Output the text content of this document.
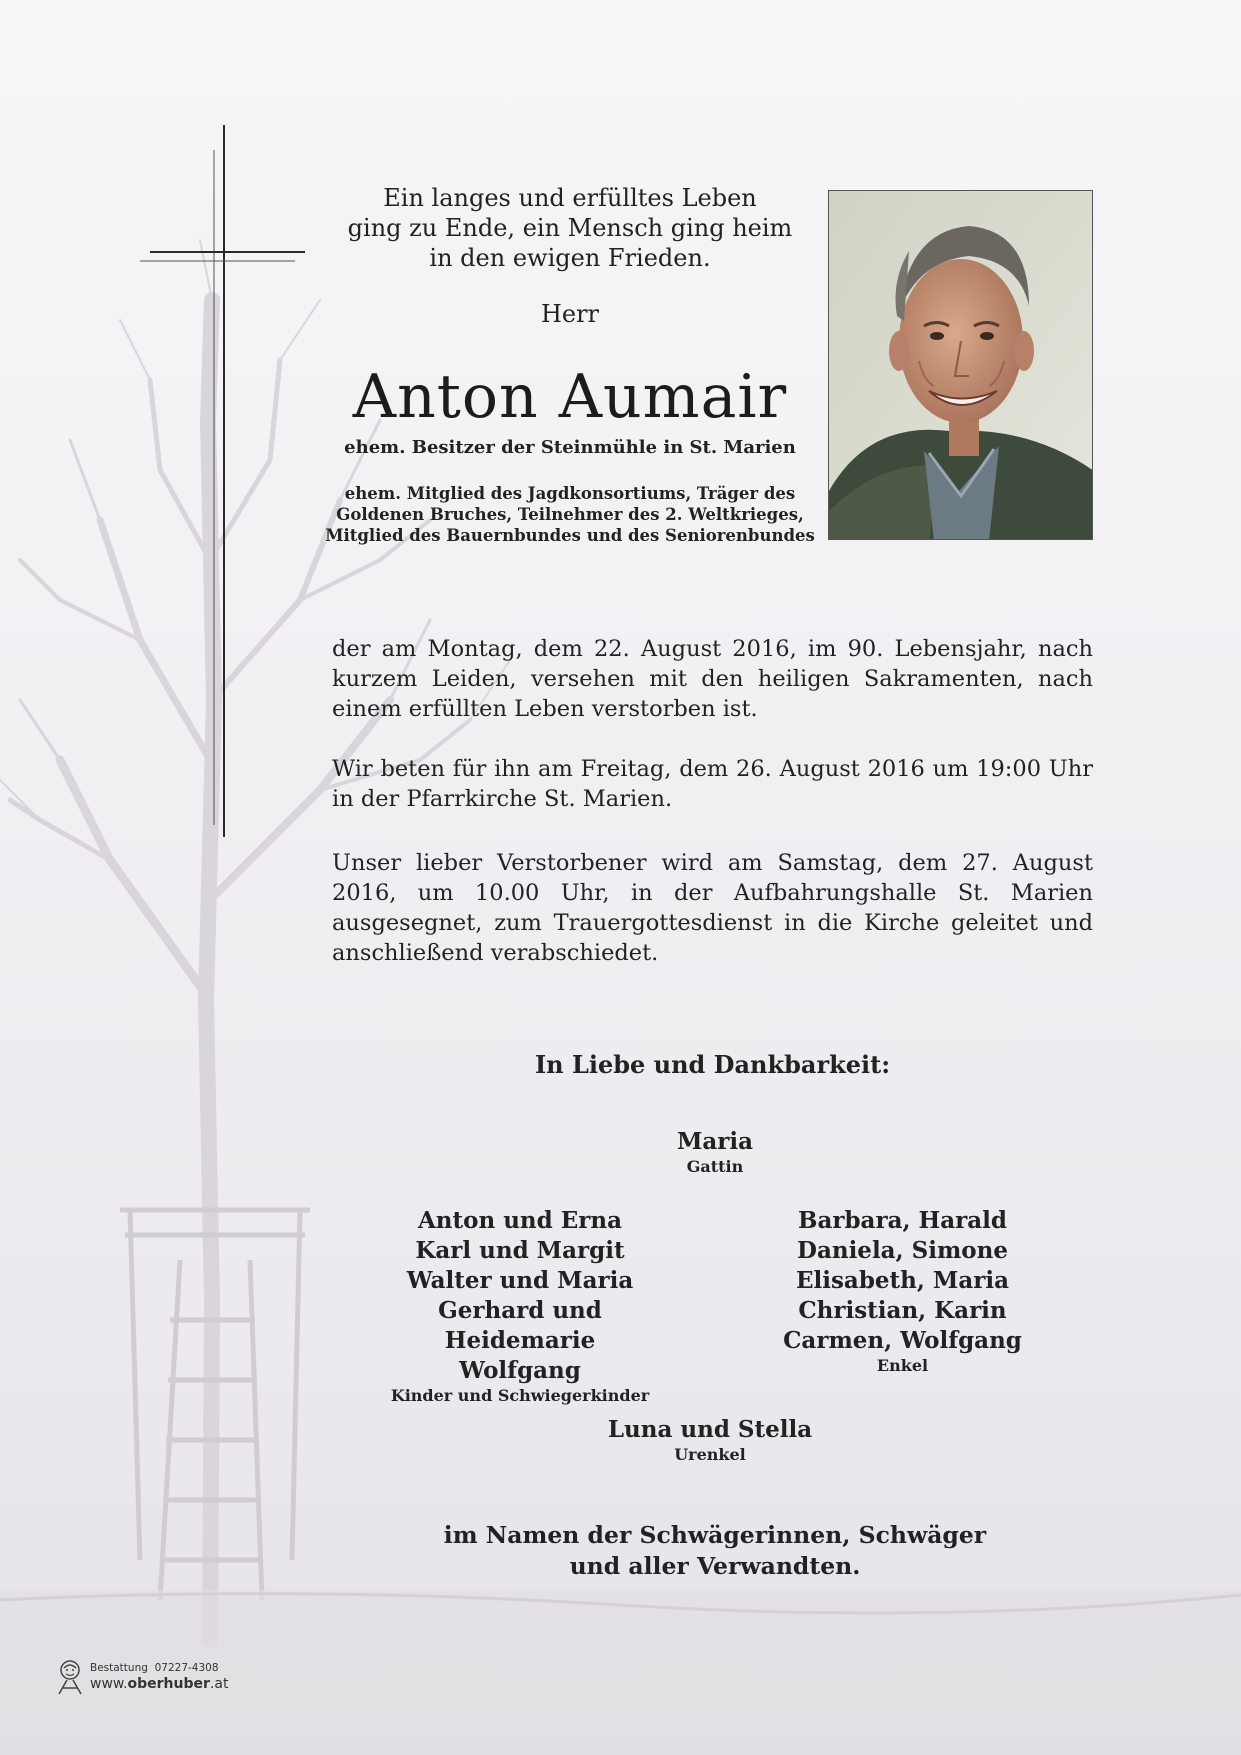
Ein langes und erfülltes Leben
ging zu Ende, ein Mensch ging heim
in den ewigen Frieden.
Herr
Anton Aumair
ehem. Besitzer der Steinmühle in St. Marien
ehem. Mitglied des Jagdkonsortiums, Träger des
Goldenen Bruches, Teilnehmer des 2. Weltkrieges,
Mitglied des Bauernbundes und des Seniorenbundes
der am Montag, dem 22. August 2016, im 90. Lebensjahr, nach kurzem Leiden, versehen mit den heiligen Sakramenten, nach einem erfüllten Leben verstorben ist.
Wir beten für ihn am Freitag, dem 26. August 2016 um 19:00 Uhr in der Pfarrkirche St. Marien.
Unser lieber Verstorbener wird am Samstag, dem 27. August 2016, um 10.00 Uhr, in der Aufbahrungshalle St. Marien ausgesegnet, zum Trauergottesdienst in die Kirche geleitet und anschließend verabschiedet.
In Liebe und Dankbarkeit:
Maria
Gattin
Anton und Erna
Karl und Margit
Walter und Maria
Gerhard und Heidemarie
Wolfgang
Kinder und Schwiegerkinder
Barbara, Harald
Daniela, Simone
Elisabeth, Maria
Christian, Karin
Carmen, Wolfgang
Enkel
Luna und Stella
Urenkel
im Namen der Schwägerinnen, Schwäger
und aller Verwandten.
Bestattung 07227-4308
www.oberhuber.at
